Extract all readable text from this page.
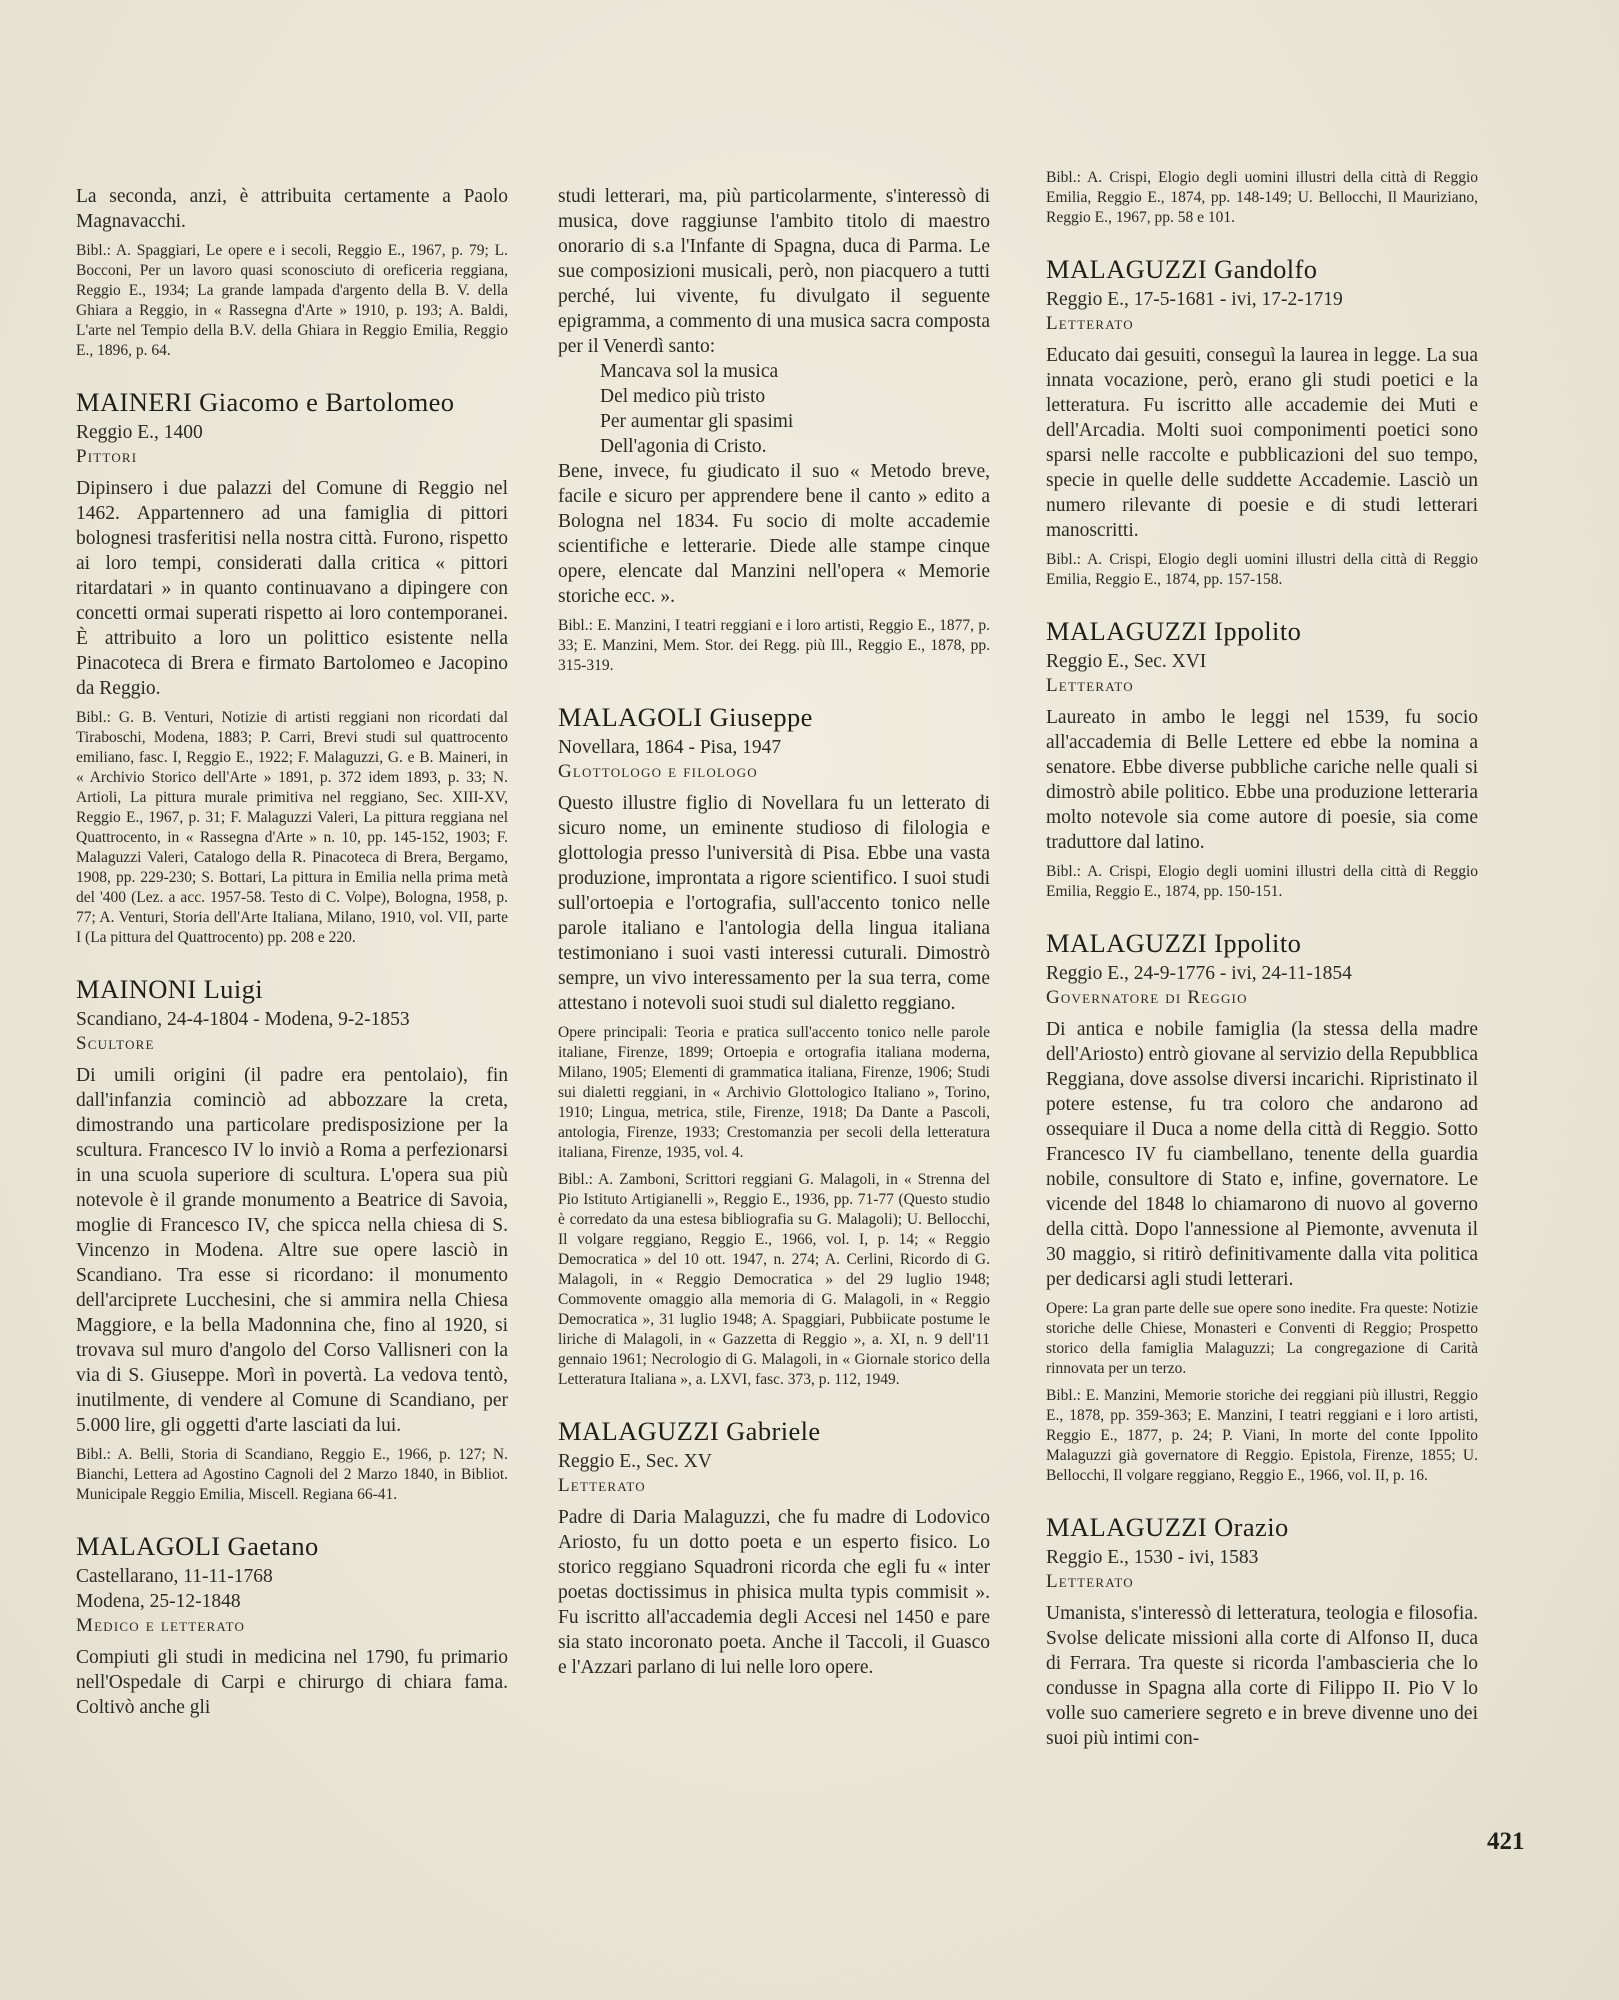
La seconda, anzi, è attribuita certamente a Paolo Magnavacchi.

Bibl.: A. Spaggiari, Le opere e i secoli, Reggio E., 1967, p. 79; L. Bocconi, Per un lavoro quasi sconosciuto di oreficeria reggiana, Reggio E., 1934; La grande lampada d'argento della B. V. della Ghiara a Reggio, in « Rassegna d'Arte » 1910, p. 193; A. Baldi, L'arte nel Tempio della B.V. della Ghiara in Reggio Emilia, Reggio E., 1896, p. 64.

MAINERI Giacomo e Bartolomeo
Reggio E., 1400
Pittori

Dipinsero i due palazzi del Comune di Reggio nel 1462. Appartennero ad una famiglia di pittori bolognesi trasferitisi nella nostra città. Furono, rispetto ai loro tempi, considerati dalla critica « pittori ritardatari » in quanto continuavano a dipingere con concetti ormai superati rispetto ai loro contemporanei. È attribuito a loro un polittico esistente nella Pinacoteca di Brera e firmato Bartolomeo e Jacopino da Reggio.

Bibl.: G. B. Venturi, Notizie di artisti reggiani non ricordati dal Tiraboschi, Modena, 1883; P. Carri, Brevi studi sul quattrocento emiliano, fasc. I, Reggio E., 1922; F. Malaguzzi, G. e B. Maineri, in « Archivio Storico dell'Arte » 1891, p. 372 idem 1893, p. 33; N. Artioli, La pittura murale primitiva nel reggiano, Sec. XIII-XV, Reggio E., 1967, p. 31; F. Malaguzzi Valeri, La pittura reggiana nel Quattrocento, in « Rassegna d'Arte » n. 10, pp. 145-152, 1903; F. Malaguzzi Valeri, Catalogo della R. Pinacoteca di Brera, Bergamo, 1908, pp. 229-230; S. Bottari, La pittura in Emilia nella prima metà del '400 (Lez. a acc. 1957-58. Testo di C. Volpe), Bologna, 1958, p. 77; A. Venturi, Storia dell'Arte Italiana, Milano, 1910, vol. VII, parte I (La pittura del Quattrocento) pp. 208 e 220.

MAINONI Luigi
Scandiano, 24-4-1804 - Modena, 9-2-1853
Scultore

Di umili origini (il padre era pentolaio), fin dall'infanzia cominciò ad abbozzare la creta, dimostrando una particolare predisposizione per la scultura. Francesco IV lo inviò a Roma a perfezionarsi in una scuola superiore di scultura. L'opera sua più notevole è il grande monumento a Beatrice di Savoia, moglie di Francesco IV, che spicca nella chiesa di S. Vincenzo in Modena. Altre sue opere lasciò in Scandiano. Tra esse si ricordano: il monumento dell'arciprete Lucchesini, che si ammira nella Chiesa Maggiore, e la bella Madonnina che, fino al 1920, si trovava sul muro d'angolo del Corso Vallisneri con la via di S. Giuseppe. Morì in povertà. La vedova tentò, inutilmente, di vendere al Comune di Scandiano, per 5.000 lire, gli oggetti d'arte lasciati da lui.

Bibl.: A. Belli, Storia di Scandiano, Reggio E., 1966, p. 127; N. Bianchi, Lettera ad Agostino Cagnoli del 2 Marzo 1840, in Bibliot. Municipale Reggio Emilia, Miscell. Regiana 66-41.

MALAGOLI Gaetano
Castellarano, 11-11-1768
Modena, 25-12-1848
Medico e letterato

Compiuti gli studi in medicina nel 1790, fu primario nell'Ospedale di Carpi e chirurgo di chiara fama. Coltivò anche gli

studi letterari, ma, più particolarmente, s'interessò di musica, dove raggiunse l'ambito titolo di maestro onorario di s.a l'Infante di Spagna, duca di Parma. Le sue composizioni musicali, però, non piacquero a tutti perché, lui vivente, fu divulgato il seguente epigramma, a commento di una musica sacra composta per il Venerdì santo:

Mancava sol la musica
Del medico più tristo
Per aumentar gli spasimi
Dell'agonia di Cristo.

Bene, invece, fu giudicato il suo « Metodo breve, facile e sicuro per apprendere bene il canto » edito a Bologna nel 1834. Fu socio di molte accademie scientifiche e letterarie. Diede alle stampe cinque opere, elencate dal Manzini nell'opera « Memorie storiche ecc. ».

Bibl.: E. Manzini, I teatri reggiani e i loro artisti, Reggio E., 1877, p. 33; E. Manzini, Mem. Stor. dei Regg. più Ill., Reggio E., 1878, pp. 315-319.

MALAGOLI Giuseppe
Novellara, 1864 - Pisa, 1947
Glottologo e filologo

Questo illustre figlio di Novellara fu un letterato di sicuro nome, un eminente studioso di filologia e glottologia presso l'università di Pisa. Ebbe una vasta produzione, improntata a rigore scientifico. I suoi studi sull'ortoepia e l'ortografia, sull'accento tonico nelle parole italiano e l'antologia della lingua italiana testimoniano i suoi vasti interessi cuturali. Dimostrò sempre, un vivo interessamento per la sua terra, come attestano i notevoli suoi studi sul dialetto reggiano.

Opere principali: Teoria e pratica sull'accento tonico nelle parole italiane, Firenze, 1899; Ortoepia e ortografia italiana moderna, Milano, 1905; Elementi di grammatica italiana, Firenze, 1906; Studi sui dialetti reggiani, in « Archivio Glottologico Italiano », Torino, 1910; Lingua, metrica, stile, Firenze, 1918; Da Dante a Pascoli, antologia, Firenze, 1933; Crestomanzia per secoli della letteratura italiana, Firenze, 1935, vol. 4.

Bibl.: A. Zamboni, Scrittori reggiani G. Malagoli, in « Strenna del Pio Istituto Artigianelli », Reggio E., 1936, pp. 71-77 (Questo studio è corredato da una estesa bibliografia su G. Malagoli); U. Bellocchi, Il volgare reggiano, Reggio E., 1966, vol. I, p. 14; « Reggio Democratica » del 10 ott. 1947, n. 274; A. Cerlini, Ricordo di G. Malagoli, in « Reggio Democratica » del 29 luglio 1948; Commovente omaggio alla memoria di G. Malagoli, in « Reggio Democratica », 31 luglio 1948; A. Spaggiari, Pubbiicate postume le liriche di Malagoli, in « Gazzetta di Reggio », a. XI, n. 9 dell'11 gennaio 1961; Necrologio di G. Malagoli, in « Giornale storico della Letteratura Italiana », a. LXVI, fasc. 373, p. 112, 1949.

MALAGUZZI Gabriele
Reggio E., Sec. XV
Letterato

Padre di Daria Malaguzzi, che fu madre di Lodovico Ariosto, fu un dotto poeta e un esperto fisico. Lo storico reggiano Squadroni ricorda che egli fu « inter poetas doctissimus in phisica multa typis commisit ». Fu iscritto all'accademia degli Accesi nel 1450 e pare sia stato incoronato poeta. Anche il Taccoli, il Guasco e l'Azzari parlano di lui nelle loro opere.

Bibl.: A. Crispi, Elogio degli uomini illustri della città di Reggio Emilia, Reggio E., 1874, pp. 148-149; U. Bellocchi, Il Mauriziano, Reggio E., 1967, pp. 58 e 101.

MALAGUZZI Gandolfo
Reggio E., 17-5-1681 - ivi, 17-2-1719
Letterato

Educato dai gesuiti, conseguì la laurea in legge. La sua innata vocazione, però, erano gli studi poetici e la letteratura. Fu iscritto alle accademie dei Muti e dell'Arcadia. Molti suoi componimenti poetici sono sparsi nelle raccolte e pubblicazioni del suo tempo, specie in quelle delle suddette Accademie. Lasciò un numero rilevante di poesie e di studi letterari manoscritti.

Bibl.: A. Crispi, Elogio degli uomini illustri della città di Reggio Emilia, Reggio E., 1874, pp. 157-158.

MALAGUZZI Ippolito
Reggio E., Sec. XVI
Letterato

Laureato in ambo le leggi nel 1539, fu socio all'accademia di Belle Lettere ed ebbe la nomina a senatore. Ebbe diverse pubbliche cariche nelle quali si dimostrò abile politico. Ebbe una produzione letteraria molto notevole sia come autore di poesie, sia come traduttore dal latino.

Bibl.: A. Crispi, Elogio degli uomini illustri della città di Reggio Emilia, Reggio E., 1874, pp. 150-151.

MALAGUZZI Ippolito
Reggio E., 24-9-1776 - ivi, 24-11-1854
Governatore di Reggio

Di antica e nobile famiglia (la stessa della madre dell'Ariosto) entrò giovane al servizio della Repubblica Reggiana, dove assolse diversi incarichi. Ripristinato il potere estense, fu tra coloro che andarono ad ossequiare il Duca a nome della città di Reggio. Sotto Francesco IV fu ciambellano, tenente della guardia nobile, consultore di Stato e, infine, governatore. Le vicende del 1848 lo chiamarono di nuovo al governo della città. Dopo l'annessione al Piemonte, avvenuta il 30 maggio, si ritirò definitivamente dalla vita politica per dedicarsi agli studi letterari.

Opere: La gran parte delle sue opere sono inedite. Fra queste: Notizie storiche delle Chiese, Monasteri e Conventi di Reggio; Prospetto storico della famiglia Malaguzzi; La congregazione di Carità rinnovata per un terzo.

Bibl.: E. Manzini, Memorie storiche dei reggiani più illustri, Reggio E., 1878, pp. 359-363; E. Manzini, I teatri reggiani e i loro artisti, Reggio E., 1877, p. 24; P. Viani, In morte del conte Ippolito Malaguzzi già governatore di Reggio. Epistola, Firenze, 1855; U. Bellocchi, Il volgare reggiano, Reggio E., 1966, vol. II, p. 16.

MALAGUZZI Orazio
Reggio E., 1530 - ivi, 1583
Letterato

Umanista, s'interessò di letteratura, teologia e filosofia. Svolse delicate missioni alla corte di Alfonso II, duca di Ferrara. Tra queste si ricorda l'ambascieria che lo condusse in Spagna alla corte di Filippo II. Pio V lo volle suo cameriere segreto e in breve divenne uno dei suoi più intimi con-

421
